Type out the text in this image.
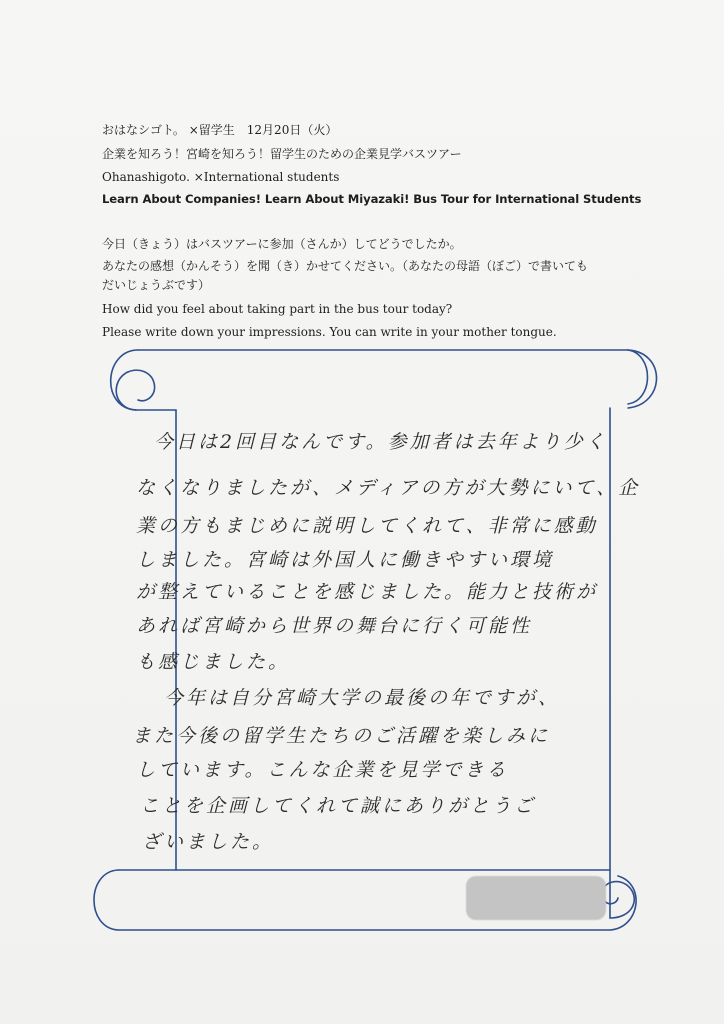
おはなシゴト。 ×留学生　12月20日（火）
企業を知ろう！宮崎を知ろう！留学生のための企業見学バスツアー
Ohanashigoto. ×International students
Learn About Companies! Learn About Miyazaki! Bus Tour for International Students
今日（きょう）はバスツアーに参加（さんか）してどうでしたか。
あなたの感想（かんそう）を聞（き）かせてください。（あなたの母語（ぼご）で書いても
だいじょうぶです）
How did you feel about taking part in the bus tour today?
Please write down your impressions. You can write in your mother tongue.
今日は2回目なんです。参加者は去年より少く
なくなりましたが、メディアの方が大勢にいて、企
業の方もまじめに説明してくれて、非常に感動
しました。宮崎は外国人に働きやすい環境
が整えていることを感じました。能力と技術が
あれば宮崎から世界の舞台に行く可能性
も感じました。
今年は自分宮崎大学の最後の年ですが、
また今後の留学生たちのご活躍を楽しみに
しています。こんな企業を見学できる
ことを企画してくれて誠にありがとうご
ざいました。
